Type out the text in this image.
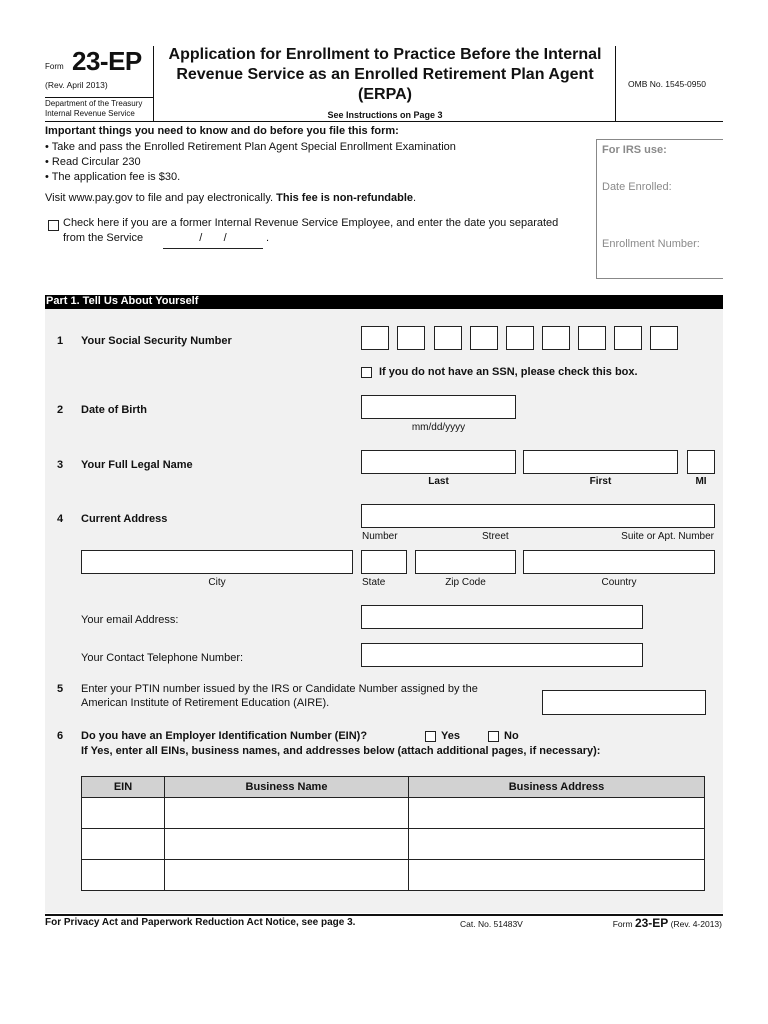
Form 23-EP
(Rev. April 2013)
Department of the Treasury
Internal Revenue Service
Application for Enrollment to Practice Before the Internal
Revenue Service as an Enrolled Retirement Plan Agent
(ERPA)
See Instructions on Page 3
OMB No. 1545-0950
Important things you need to know and do before you file this form:
• Take and pass the Enrolled Retirement Plan Agent Special Enrollment Examination
• Read Circular 230
• The application fee is $30.
Visit www.pay.gov to file and pay electronically. This fee is non-refundable.
Check here if you are a former Internal Revenue Service Employee, and enter the date you separated
from the Service	/       /	.
For IRS use:
Date Enrolled:
Enrollment Number:
Part 1. Tell Us About Yourself
1 Your Social Security Number
If you do not have an SSN, please check this box.
2 Date of Birth
mm/dd/yyyy
3 Your Full Legal Name
Last	First	MI
4 Current Address
Number	Street	Suite or Apt. Number
City	State	Zip Code	Country
Your email Address:
Your Contact Telephone Number:
5 Enter your PTIN number issued by the IRS or Candidate Number assigned by the
American Institute of Retirement Education (AIRE).
6 Do you have an Employer Identification Number (EIN)?	Yes	No
If Yes, enter all EINs, business names, and addresses below (attach additional pages, if necessary):
EIN	Business Name	Business Address

For Privacy Act and Paperwork Reduction Act Notice, see page 3.	Cat. No. 51483V	Form 23-EP (Rev. 4-2013)
